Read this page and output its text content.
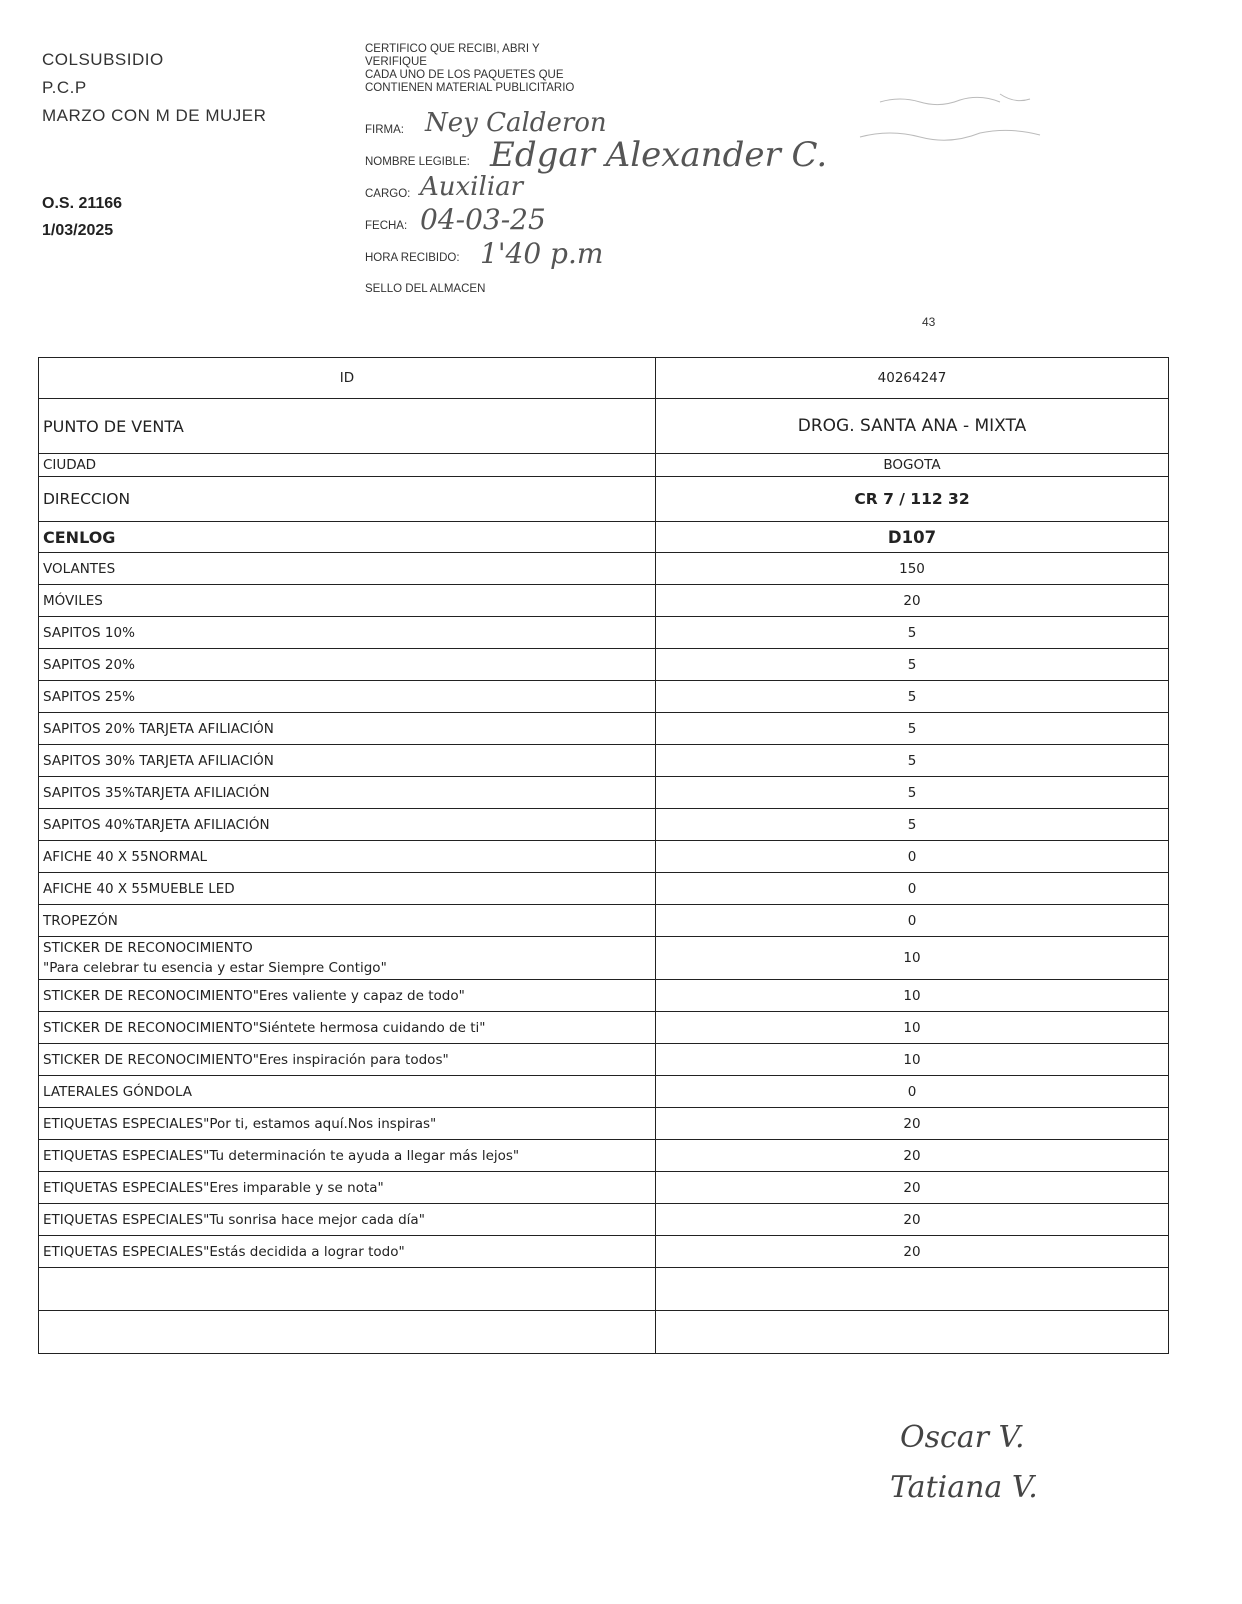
COLSUBSIDIO
P.C.P
MARZO CON M DE MUJER
O.S. 21166
1/03/2025
CERTIFICO QUE RECIBI, ABRI Y
VERIFIQUE
CADA UNO DE LOS PAQUETES QUE
CONTIENEN MATERIAL PUBLICITARIO
FIRMA: Ney Calderon
NOMBRE LEGIBLE: Edgar Alexander C.
CARGO: Auxiliar
FECHA: 04-03-25
HORA RECIBIDO: 1'40 p.m
SELLO DEL ALMACEN
43
ID	40264247
PUNTO DE VENTA	DROG. SANTA ANA - MIXTA
CIUDAD	BOGOTA
DIRECCION	CR 7 / 112 32
CENLOG	D107
VOLANTES	150
MÓVILES	20
SAPITOS 10%	5
SAPITOS 20%	5
SAPITOS 25%	5
SAPITOS 20% TARJETA AFILIACIÓN	5
SAPITOS 30% TARJETA AFILIACIÓN	5
SAPITOS 35%TARJETA AFILIACIÓN	5
SAPITOS 40%TARJETA AFILIACIÓN	5
AFICHE 40 X 55NORMAL	0
AFICHE 40 X 55MUEBLE LED	0
TROPEZÓN	0

STICKER DE RECONOCIMIENTO
"Para celebrar tu esencia y estar Siempre Contigo"	10
STICKER DE RECONOCIMIENTO"Eres valiente y capaz de todo"	10
STICKER DE RECONOCIMIENTO"Siéntete hermosa cuidando de ti"	10
STICKER DE RECONOCIMIENTO"Eres inspiración para todos"	10
LATERALES GÓNDOLA	0
ETIQUETAS ESPECIALES"Por ti, estamos aquí.Nos inspiras"	20
ETIQUETAS ESPECIALES"Tu determinación te ayuda a llegar más lejos"	20
ETIQUETAS ESPECIALES"Eres imparable y se nota"	20
ETIQUETAS ESPECIALES"Tu sonrisa hace mejor cada día"	20
ETIQUETAS ESPECIALES"Estás decidida a lograr todo"	20

Oscar V.
Tatiana V.
